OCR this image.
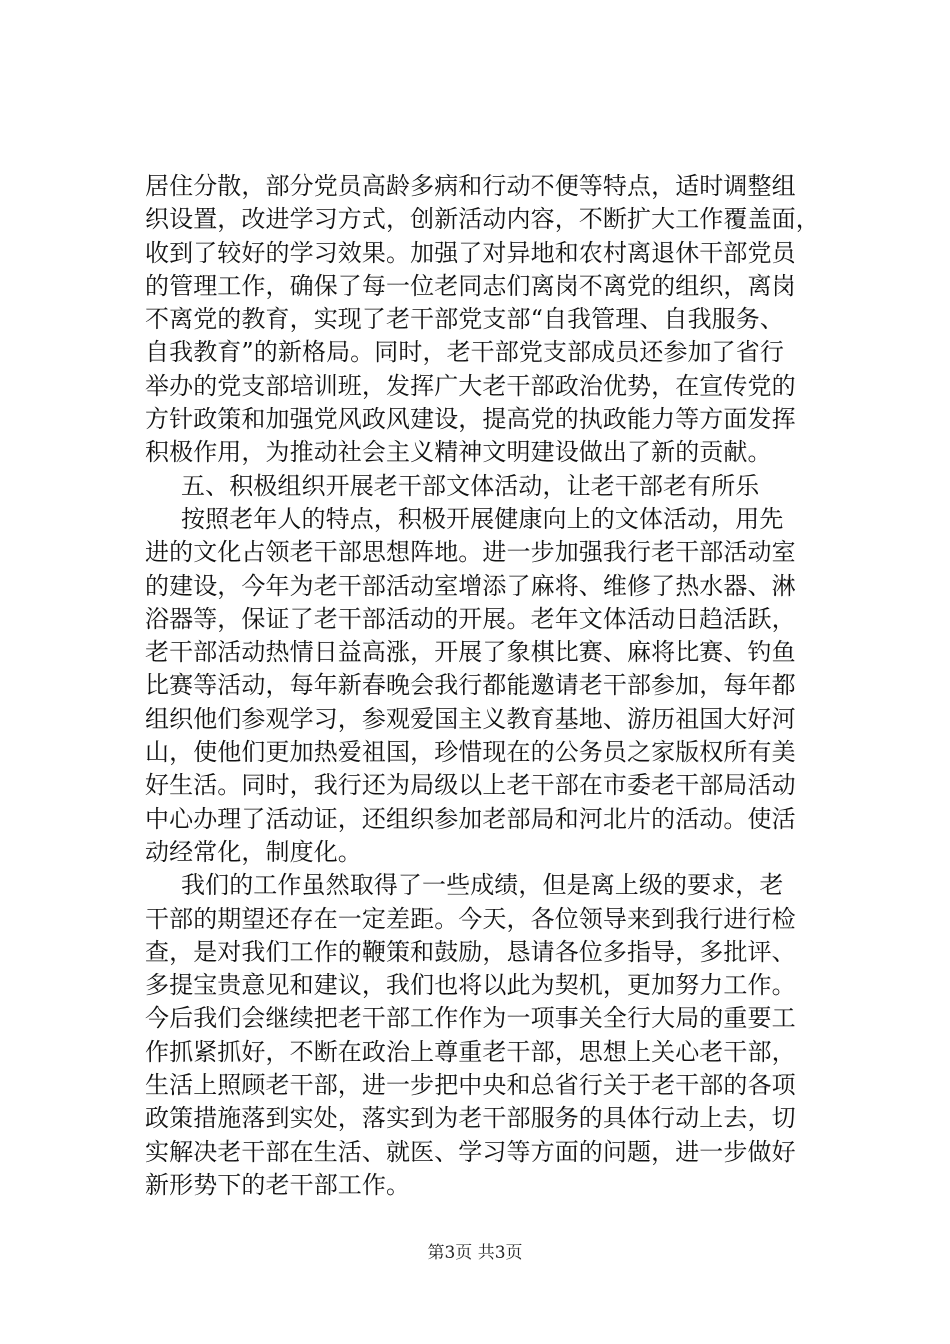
居住分散，部分党员高龄多病和行动不便等特点，适时调整组
织设置，改进学习方式，创新活动内容，不断扩大工作覆盖面，
收到了较好的学习效果。加强了对异地和农村离退休干部党员
的管理工作，确保了每一位老同志们离岗不离党的组织，离岗
不离党的教育，实现了老干部党支部“自我管理、自我服务、
自我教育”的新格局。同时，老干部党支部成员还参加了省行
举办的党支部培训班，发挥广大老干部政治优势，在宣传党的
方针政策和加强党风政风建设，提高党的执政能力等方面发挥
积极作用，为推动社会主义精神文明建设做出了新的贡献。
五、积极组织开展老干部文体活动，让老干部老有所乐
按照老年人的特点，积极开展健康向上的文体活动，用先
进的文化占领老干部思想阵地。进一步加强我行老干部活动室
的建设，今年为老干部活动室增添了麻将、维修了热水器、淋
浴器等，保证了老干部活动的开展。老年文体活动日趋活跃，
老干部活动热情日益高涨，开展了象棋比赛、麻将比赛、钓鱼
比赛等活动，每年新春晚会我行都能邀请老干部参加，每年都
组织他们参观学习，参观爱国主义教育基地、游历祖国大好河
山，使他们更加热爱祖国，珍惜现在的公务员之家版权所有美
好生活。同时，我行还为局级以上老干部在市委老干部局活动
中心办理了活动证，还组织参加老部局和河北片的活动。使活
动经常化，制度化。
我们的工作虽然取得了一些成绩，但是离上级的要求，老
干部的期望还存在一定差距。今天，各位领导来到我行进行检
查，是对我们工作的鞭策和鼓励，恳请各位多指导，多批评、
多提宝贵意见和建议，我们也将以此为契机，更加努力工作。
今后我们会继续把老干部工作作为一项事关全行大局的重要工
作抓紧抓好，不断在政治上尊重老干部，思想上关心老干部，
生活上照顾老干部，进一步把中央和总省行关于老干部的各项
政策措施落到实处，落实到为老干部服务的具体行动上去，切
实解决老干部在生活、就医、学习等方面的问题，进一步做好
新形势下的老干部工作。
第3页 共3页
